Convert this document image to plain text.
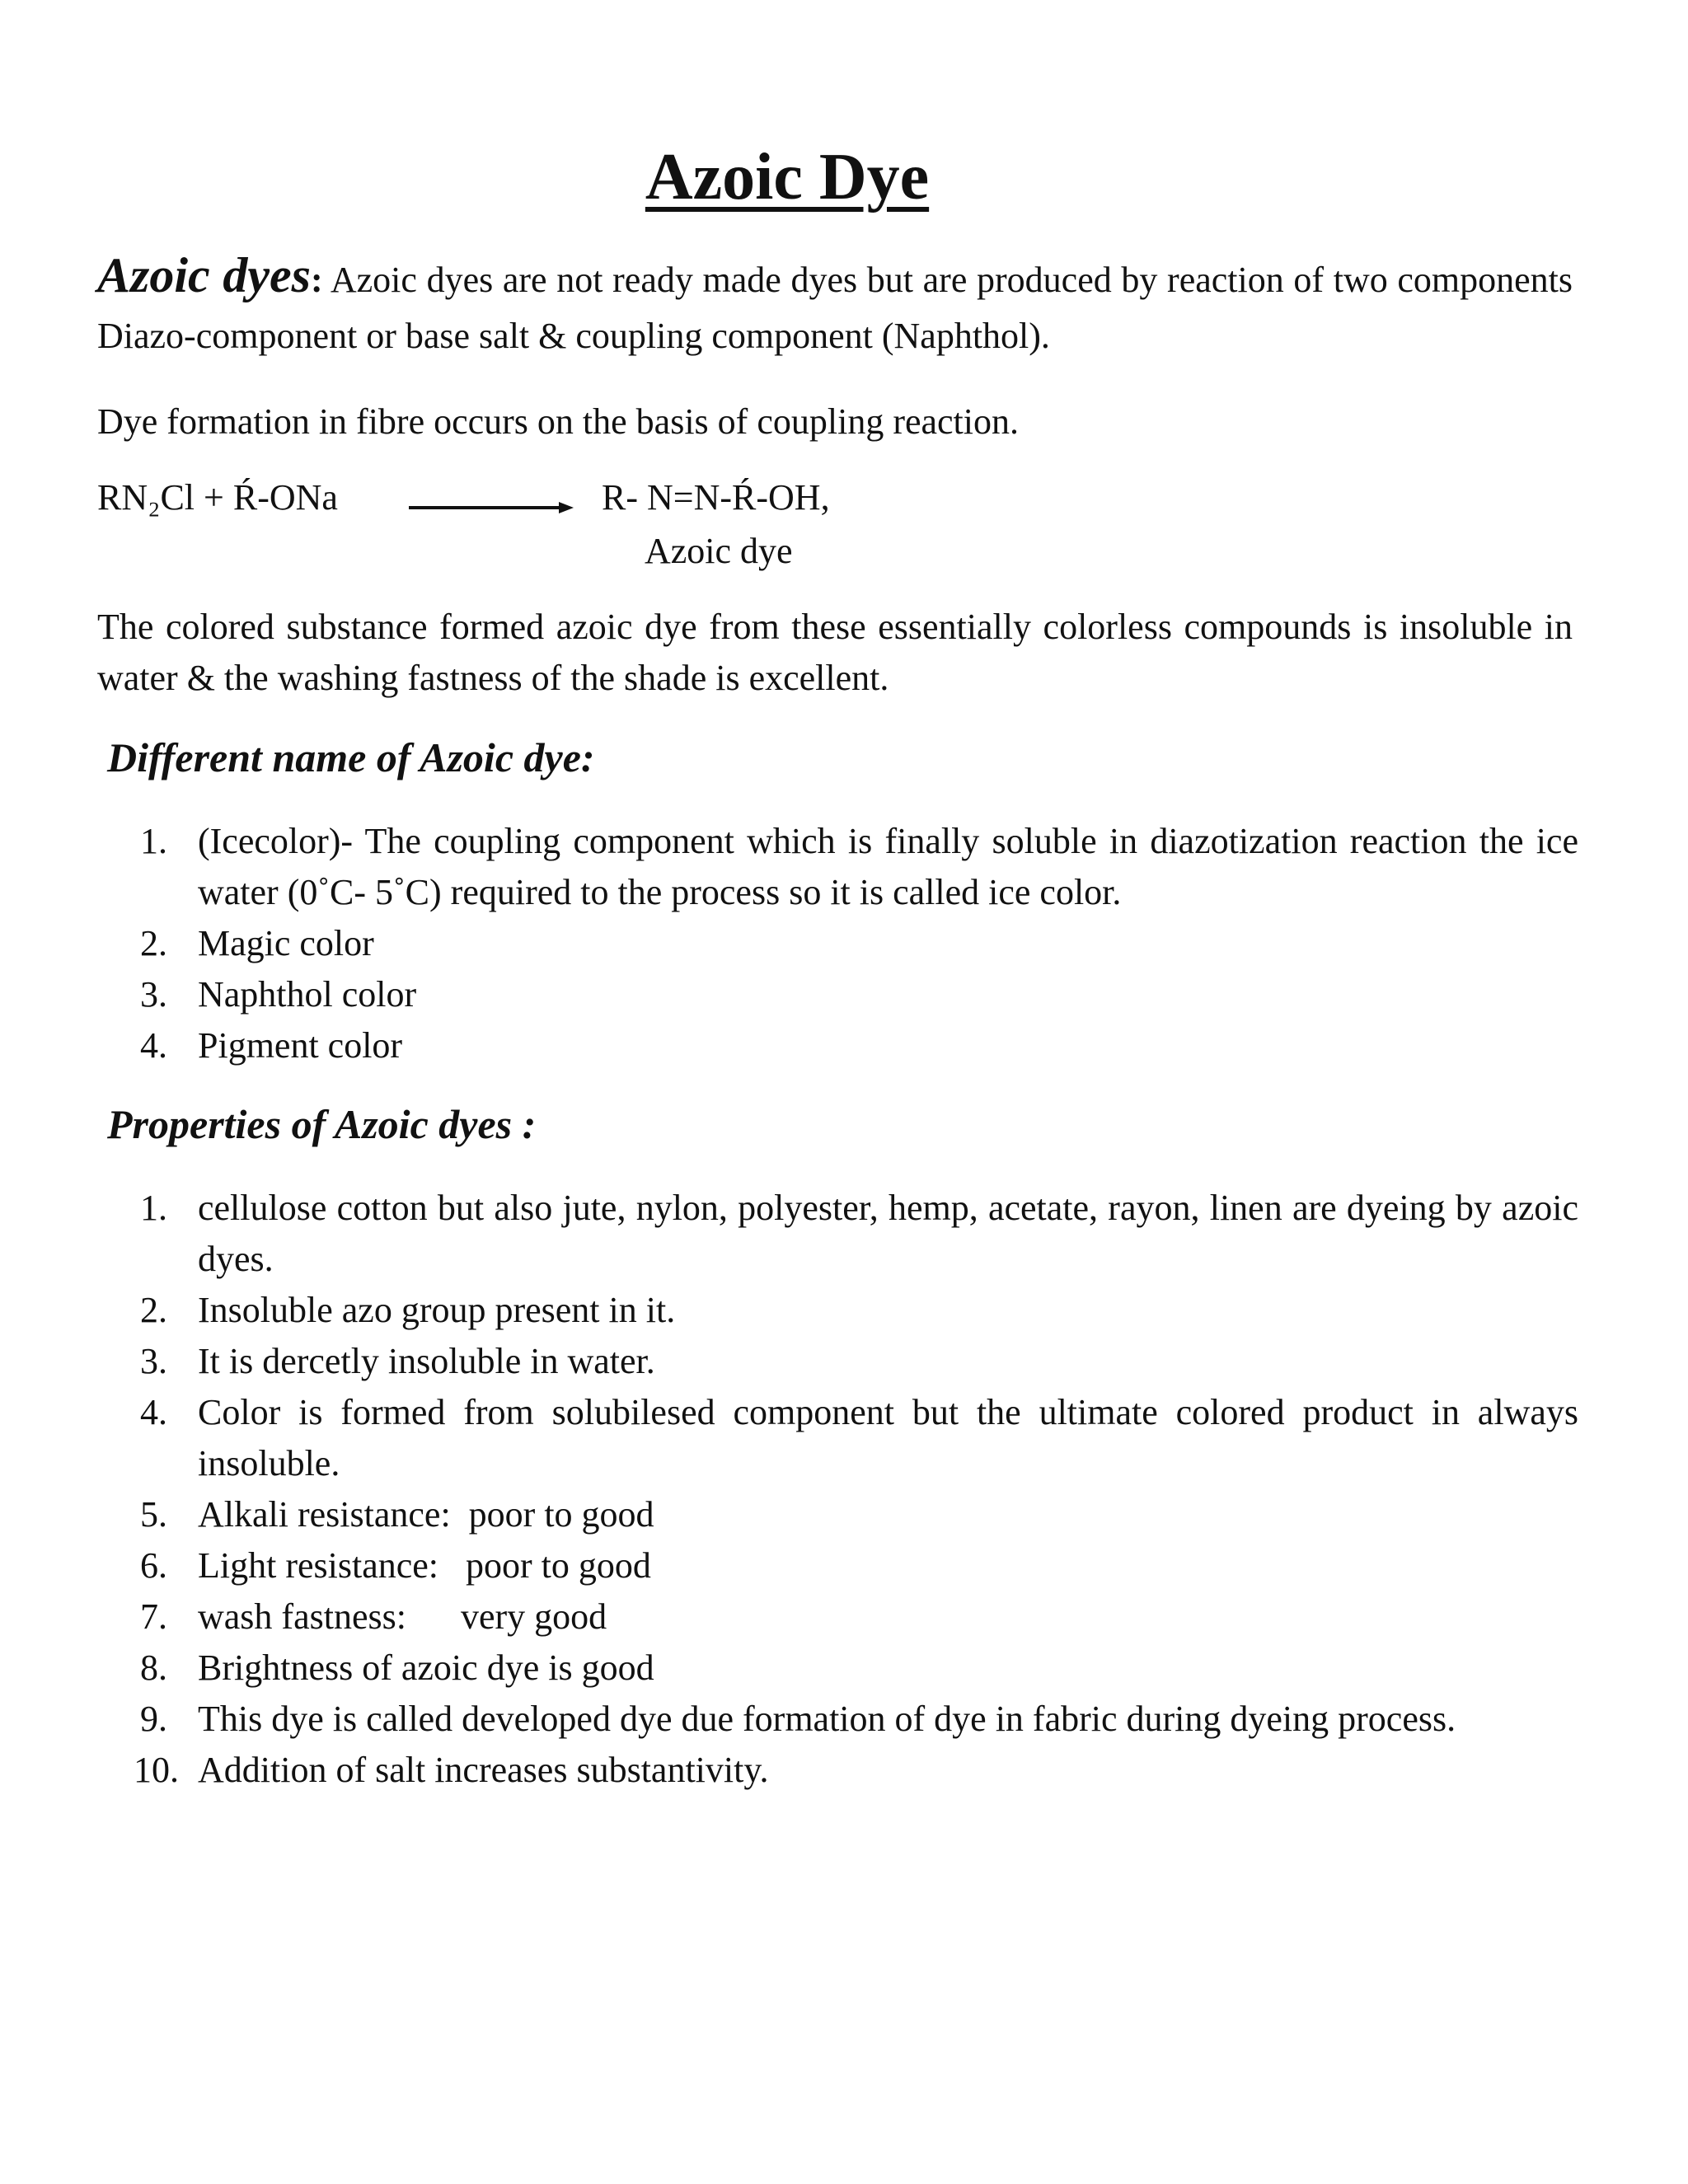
Azoic Dye

Azoic dyes: Azoic dyes are not ready made dyes but are produced by reaction of two components Diazo-component or base salt & coupling component (Naphthol).

Dye formation in fibre occurs on the basis of coupling reaction.

RN₂Cl + Ŕ-ONa	R- N=N-Ŕ-OH,
Azoic dye

The colored substance formed azoic dye from these essentially colorless compounds is insoluble in water & the washing fastness of the shade is excellent.

Different name of Azoic dye:
1. (Icecolor)- The coupling component which is finally soluble in diazotization reaction the ice water (0˚C- 5˚C) required to the process so it is called ice color.
2. Magic color
3. Naphthol color
4. Pigment color
Properties of Azoic dyes :
1. cellulose cotton but also jute, nylon, polyester, hemp, acetate, rayon, linen are dyeing by azoic dyes.
2. Insoluble azo group present in it.
3. It is dercetly insoluble in water.
4. Color is formed from solubilesed component but the ultimate colored product in always insoluble.
5. Alkali resistance:  poor to good
6. Light resistance:   poor to good
7. wash fastness:      very good
8. Brightness of azoic dye is good
9. This dye is called developed dye due formation of dye in fabric during dyeing process.
10. Addition of salt increases substantivity.
